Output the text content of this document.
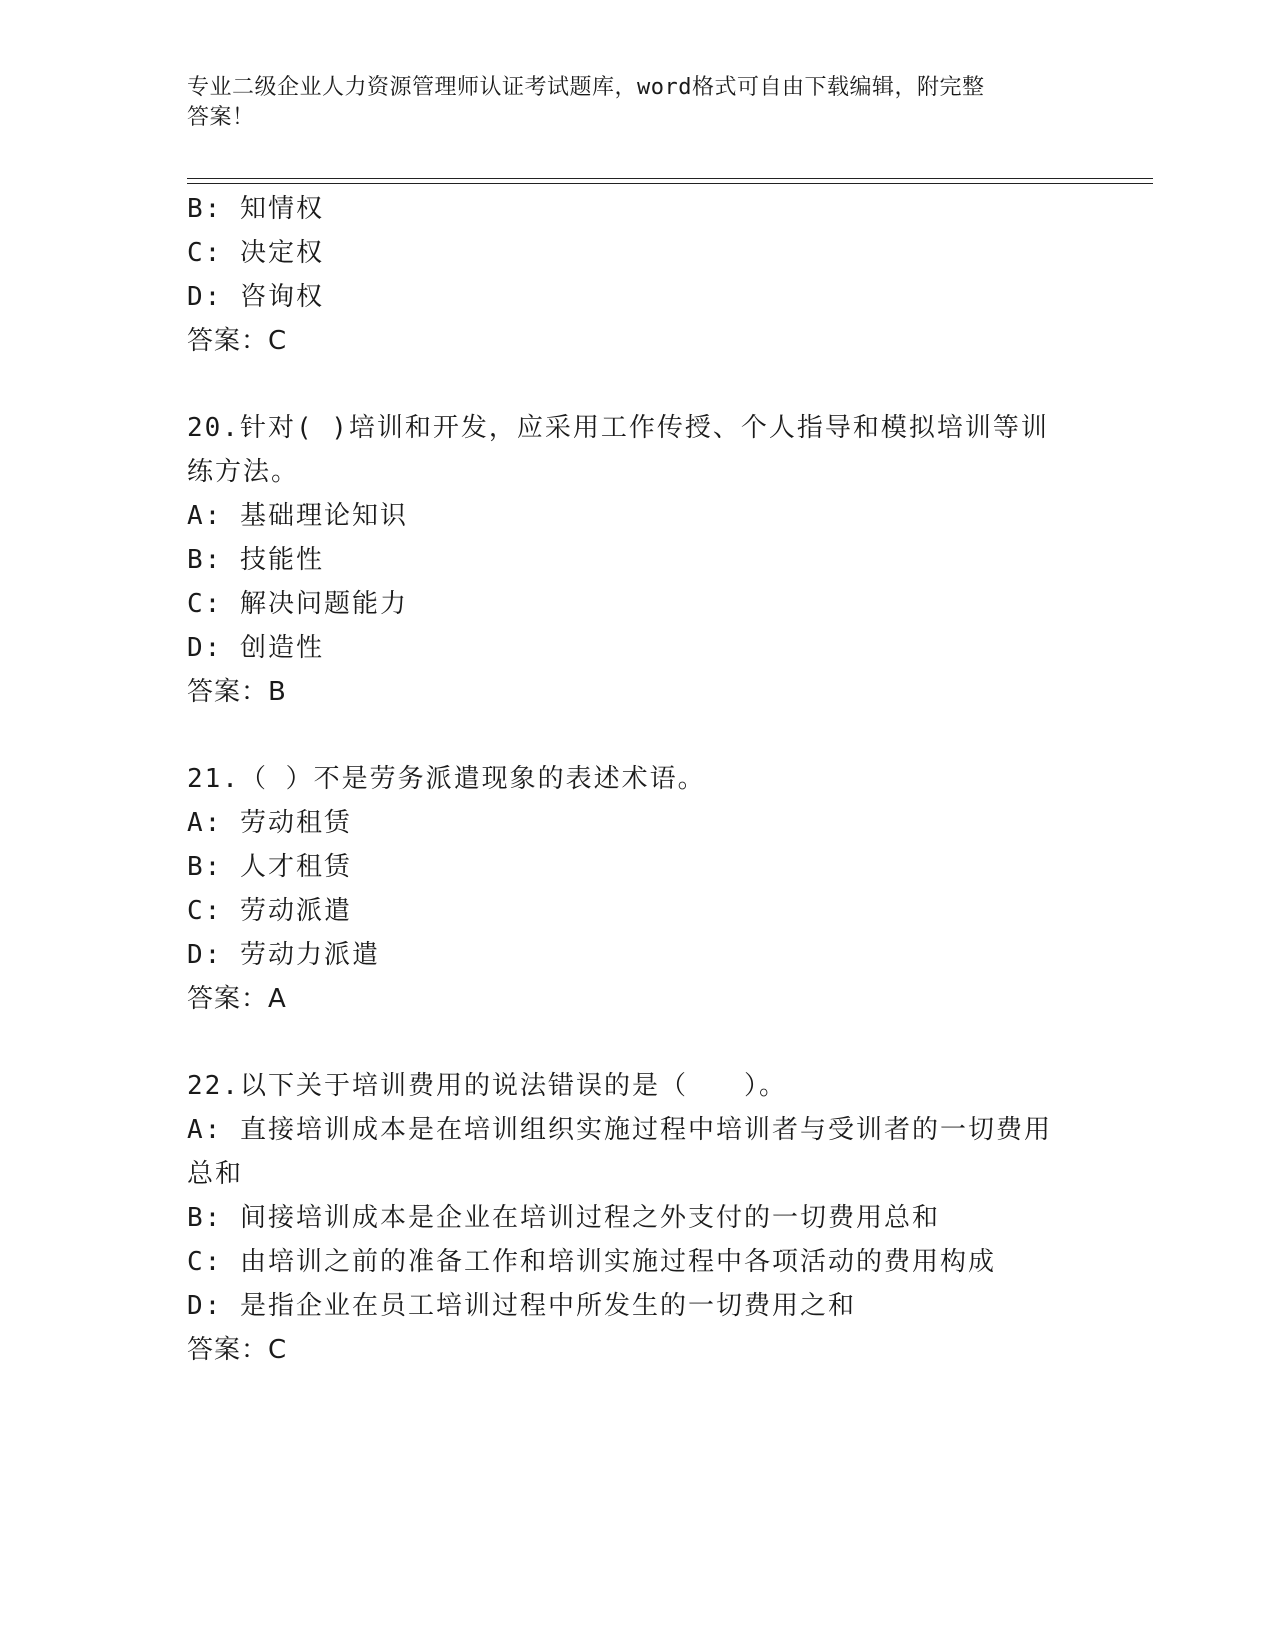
专业二级企业人力资源管理师认证考试题库，word格式可自由下载编辑，附完整
答案！
B: 知情权
C: 决定权
D: 咨询权
答案：C
20.针对( )培训和开发，应采用工作传授、个人指导和模拟培训等训
练方法。
A: 基础理论知识
B: 技能性
C: 解决问题能力
D: 创造性
答案：B
21.（ ）不是劳务派遣现象的表述术语。
A: 劳动租赁
B: 人才租赁
C: 劳动派遣
D: 劳动力派遣
答案：A
22.以下关于培训费用的说法错误的是（　　）。
A: 直接培训成本是在培训组织实施过程中培训者与受训者的一切费用
总和
B: 间接培训成本是企业在培训过程之外支付的一切费用总和
C: 由培训之前的准备工作和培训实施过程中各项活动的费用构成
D: 是指企业在员工培训过程中所发生的一切费用之和
答案：C
